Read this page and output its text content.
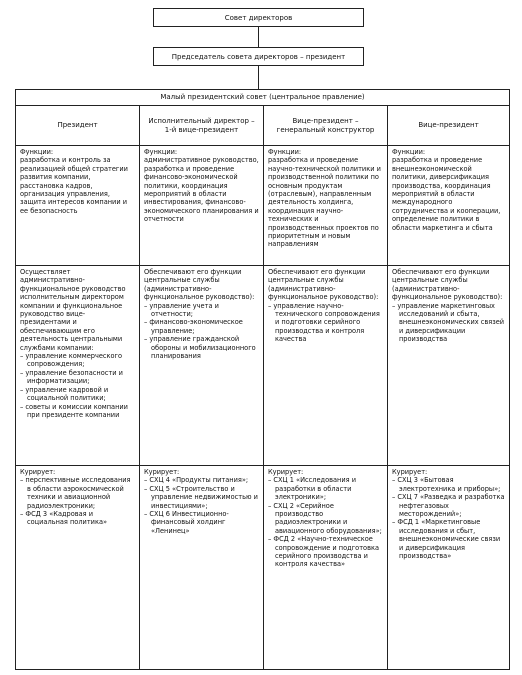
Совет директоров
Председатель совета директоров – президент
Малый президентский совет (центральное правление)
Президент
Функции:
разработка и контроль за реализацией общей стратегии развития компании, расстановка кадров, организация управления, защита интересов компании и ее безопасность
Осуществляет административно-функциональное руководство исполнительным директором компании и функциональное руководство вице-президентами и обеспечивающим его деятельность центральными службами компании:
– управление коммерческого сопровождения;
– управление безопасности и информатизации;
– управление кадровой и социальной политики;
– советы и комиссии компании при президенте компании
Курирует:
– перспективные исследования в области аэрокосмической техники и авиационной радиоэлектроники;
– ФСД 3 «Кадровая и социальная политика»
Исполнительный директор – 1-й вице-президент
Функции:
административное руководство, разработка и проведение финансово-экономической политики, координация мероприятий в области инвестирования, финансово-экономического планирования и отчетности
Обеспечивают его функции центральные службы (административно-функциональное руководство):
– управление учета и отчетности;
– финансово-экономическое управление;
– управление гражданской обороны и мобилизационного планирования
Курирует:
– СХЦ 4 «Продукты питания»;
– СХЦ 5 «Строительство и управление недвижимостью и инвестициями»;
– СХЦ 6 Инвестиционно-финансовый холдинг «Ленинец»
Вице-президент – генеральный конструктор
Функции:
разработка и проведение научно-технической политики и производственной политики по основным продуктам (отраслевым), направленным деятельность холдинга, координация научно-технических и производственных проектов по приоритетным и новым направлениям
Обеспечивают его функции центральные службы (административно-функциональное руководство):
– управление научно-технического сопровождения и подготовки серийного производства и контроля качества
Курирует:
– СХЦ 1 «Исследования и разработки в области электроники»;
– СХЦ 2 «Серийное производство радиоэлектроники и авиационного оборудования»;
– ФСД 2 «Научно-техническое сопровождение и подготовка серийного производства и контроля качества»
Вице-президент
Функции:
разработка и проведение внешнеэкономической политики, диверсификация производства, координация мероприятий в области международного сотрудничества и кооперации, определение политики в области маркетинга и сбыта
Обеспечивают его функции центральные службы (административно-функциональное руководство):
– управление маркетинговых исследований и сбыта, внешнеэкономических связей и диверсификации производства
Курирует:
– СХЦ 3 «Бытовая электротехника и приборы»;
– СХЦ 7 «Разведка и разработка нефтегазовых месторождений»;
– ФСД 1 «Маркетинговые исследования и сбыт, внешнеэкономические связи и диверсификация производства»
